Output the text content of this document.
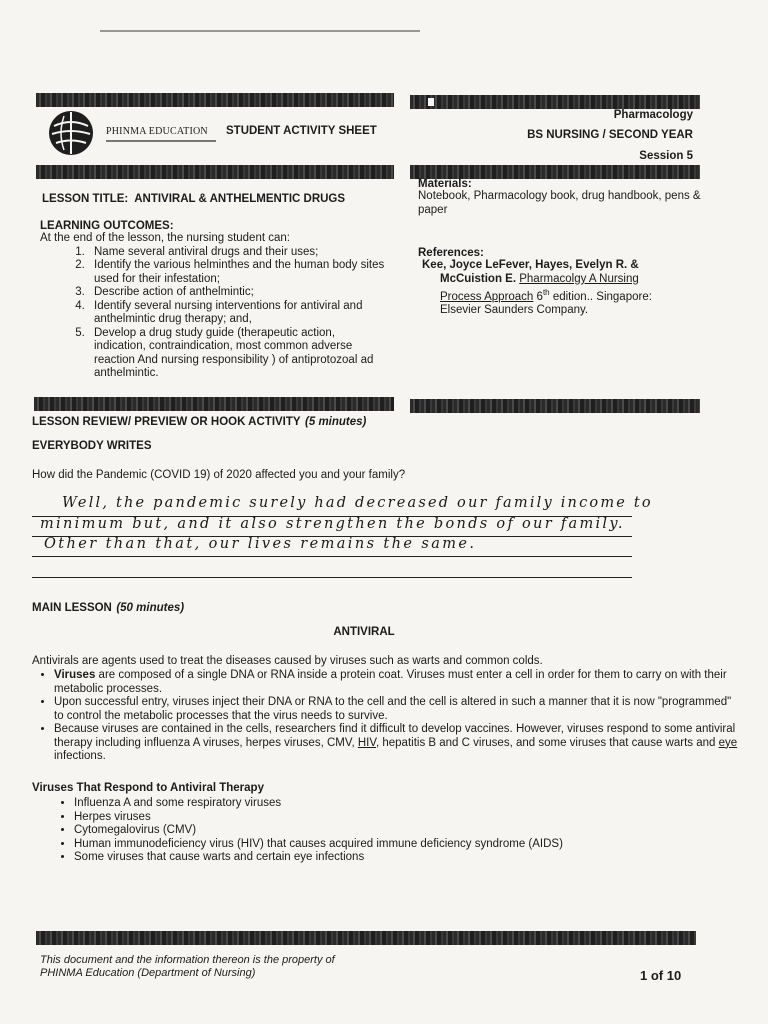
PHINMA EDUCATION STUDENT ACTIVITY SHEET
Pharmacology
BS NURSING / SECOND YEAR
Session 5
LESSON TITLE: ANTIVIRAL & ANTHELMENTIC DRUGS
LEARNING OUTCOMES:
At the end of the lesson, the nursing student can:
1. Name several antiviral drugs and their uses;
2. Identify the various helminthes and the human body sites used for their infestation;
3. Describe action of anthelmintic;
4. Identify several nursing interventions for antiviral and anthelmintic drug therapy; and,
5. Develop a drug study guide (therapeutic action, indication, contraindication, most common adverse reaction And nursing responsibility ) of antiprotozoal ad anthelmintic.
Materials:
Notebook, Pharmacology book, drug handbook, pens & paper
References:
Kee, Joyce LeFever, Hayes, Evelyn R. & McCuistion E. Pharmacolgy A Nursing Process Approach 6th edition.. Singapore: Elsevier Saunders Company.
LESSON REVIEW/ PREVIEW OR HOOK ACTIVITY (5 minutes)
EVERYBODY WRITES
How did the Pandemic (COVID 19) of 2020 affected you and your family?
Well, the pandemic surely had decreased our family income to
minimum but, and it also strengthen the bonds of our family.
Other than that, our lives remains the same.
MAIN LESSON (50 minutes)
ANTIVIRAL
Antivirals are agents used to treat the diseases caused by viruses such as warts and common colds.
• Viruses are composed of a single DNA or RNA inside a protein coat. Viruses must enter a cell in order for them to carry on with their metabolic processes.
• Upon successful entry, viruses inject their DNA or RNA to the cell and the cell is altered in such a manner that it is now "programmed" to control the metabolic processes that the virus needs to survive.
• Because viruses are contained in the cells, researchers find it difficult to develop vaccines. However, viruses respond to some antiviral therapy including influenza A viruses, herpes viruses, CMV, HIV, hepatitis B and C viruses, and some viruses that cause warts and eye infections.
Viruses That Respond to Antiviral Therapy
• Influenza A and some respiratory viruses
• Herpes viruses
• Cytomegalovirus (CMV)
• Human immunodeficiency virus (HIV) that causes acquired immune deficiency syndrome (AIDS)
• Some viruses that cause warts and certain eye infections
This document and the information thereon is the property of
PHINMA Education (Department of Nursing)	1 of 10
